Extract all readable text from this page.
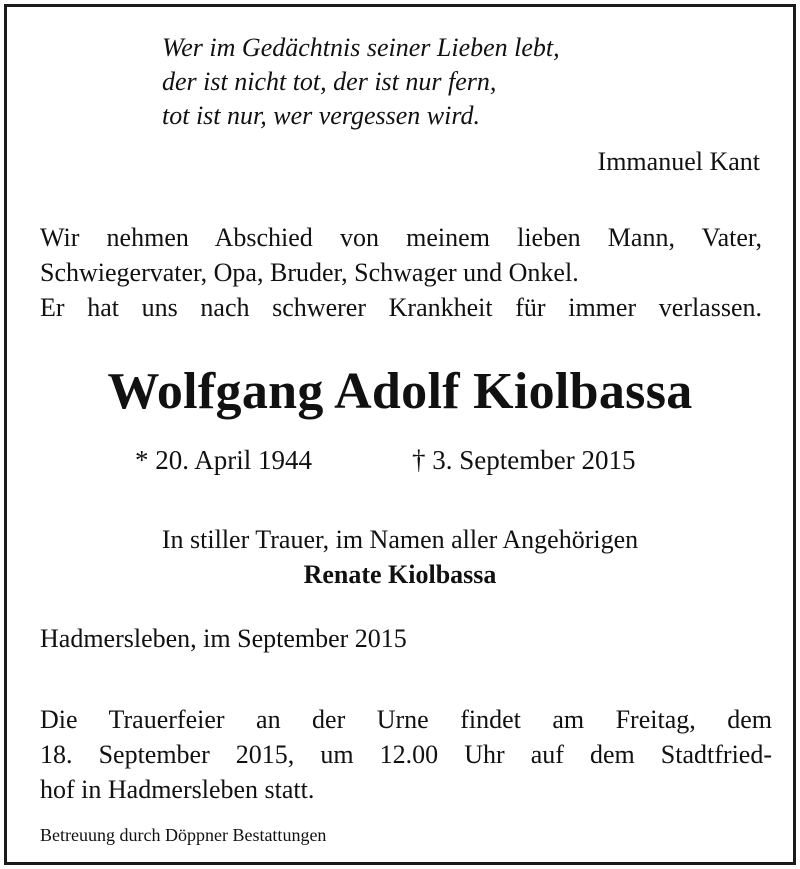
Wer im Gedächtnis seiner Lieben lebt,
der ist nicht tot, der ist nur fern,
tot ist nur, wer vergessen wird.
Immanuel Kant
Wir nehmen Abschied von meinem lieben Mann, Vater,
Schwiegervater, Opa, Bruder, Schwager und Onkel.
Er hat uns nach schwerer Krankheit für immer verlassen.
Wolfgang Adolf Kiolbassa
* 20. April 1944	† 3. September 2015
In stiller Trauer, im Namen aller Angehörigen
Renate Kiolbassa
Hadmersleben, im September 2015
Die Trauerfeier an der Urne findet am Freitag, dem
18. September 2015, um 12.00 Uhr auf dem Stadtfried-
hof in Hadmersleben statt.
Betreuung durch Döppner Bestattungen
